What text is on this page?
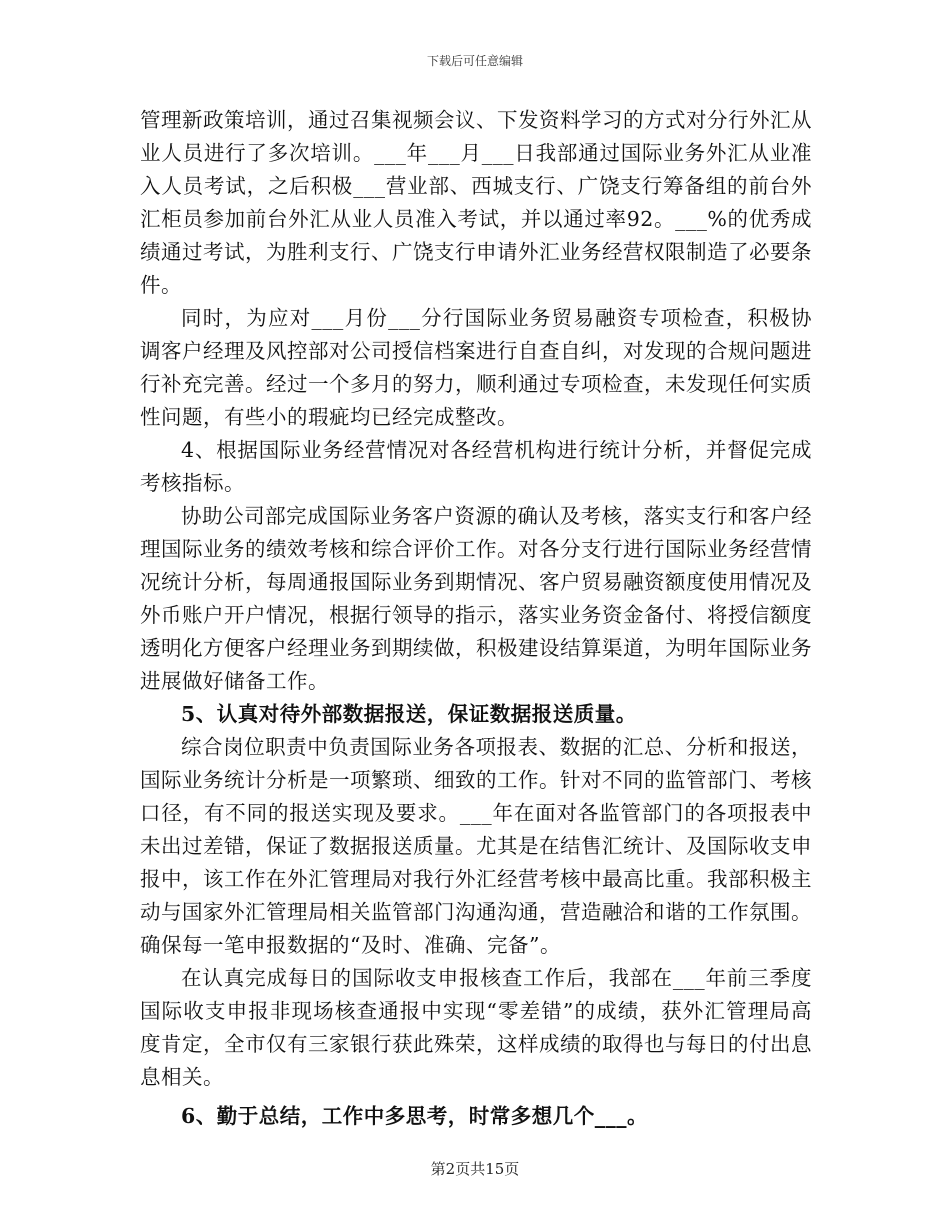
下载后可任意编辑

管理新政策培训，通过召集视频会议、下发资料学习的方式对分行外汇从业人员进行了多次培训。___年___月___日我部通过国际业务外汇从业准入人员考试，之后积极___营业部、西城支行、广饶支行筹备组的前台外汇柜员参加前台外汇从业人员准入考试，并以通过率92。___%的优秀成绩通过考试，为胜利支行、广饶支行申请外汇业务经营权限制造了必要条件。

同时，为应对___月份___分行国际业务贸易融资专项检查，积极协调客户经理及风控部对公司授信档案进行自查自纠，对发现的合规问题进行补充完善。经过一个多月的努力，顺利通过专项检查，未发现任何实质性问题，有些小的瑕疵均已经完成整改。

4、根据国际业务经营情况对各经营机构进行统计分析，并督促完成考核指标。

协助公司部完成国际业务客户资源的确认及考核，落实支行和客户经理国际业务的绩效考核和综合评价工作。对各分支行进行国际业务经营情况统计分析，每周通报国际业务到期情况、客户贸易融资额度使用情况及外币账户开户情况，根据行领导的指示，落实业务资金备付、将授信额度透明化方便客户经理业务到期续做，积极建设结算渠道，为明年国际业务进展做好储备工作。

5、认真对待外部数据报送，保证数据报送质量。

综合岗位职责中负责国际业务各项报表、数据的汇总、分析和报送，国际业务统计分析是一项繁琐、细致的工作。针对不同的监管部门、考核口径，有不同的报送实现及要求。___年在面对各监管部门的各项报表中未出过差错，保证了数据报送质量。尤其是在结售汇统计、及国际收支申报中，该工作在外汇管理局对我行外汇经营考核中最高比重。我部积极主动与国家外汇管理局相关监管部门沟通沟通，营造融洽和谐的工作氛围。确保每一笔申报数据的“及时、准确、完备”。

在认真完成每日的国际收支申报核查工作后，我部在___年前三季度国际收支申报非现场核查通报中实现“零差错”的成绩，获外汇管理局高度肯定，全市仅有三家银行获此殊荣，这样成绩的取得也与每日的付出息息相关。

6、勤于总结，工作中多思考，时常多想几个___。

第2页共15页
